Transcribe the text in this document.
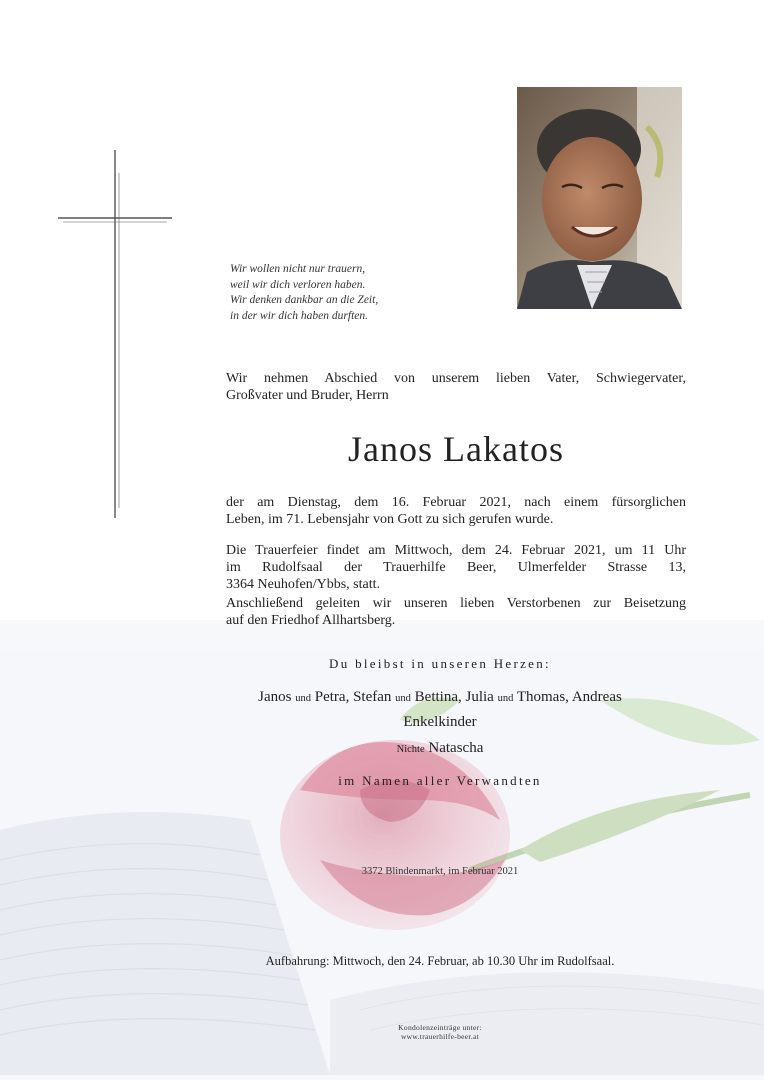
Wir wollen nicht nur trauern,
weil wir dich verloren haben.
Wir denken dankbar an die Zeit,
in der wir dich haben durften.
Wir nehmen Abschied von unserem lieben Vater, Schwiegervater,
Großvater und Bruder, Herrn
Janos Lakatos
der am Dienstag, dem 16. Februar 2021, nach einem fürsorglichen
Leben, im 71. Lebensjahr von Gott zu sich gerufen wurde.
Die Trauerfeier findet am Mittwoch, dem 24. Februar 2021, um 11 Uhr
im Rudolfsaal der Trauerhilfe Beer, Ulmerfelder Strasse 13,
3364 Neuhofen/Ybbs, statt.
Anschließend geleiten wir unseren lieben Verstorbenen zur Beisetzung
auf den Friedhof Allhartsberg.
Du bleibst in unseren Herzen:
Janos und Petra, Stefan und Bettina, Julia und Thomas, Andreas
Enkelkinder
Nichte Natascha
im Namen aller Verwandten
3372 Blindenmarkt, im Februar 2021
Aufbahrung: Mittwoch, den 24. Februar, ab 10.30 Uhr im Rudolfsaal.
Kondolenzeinträge unter:
www.trauerhilfe-beer.at
